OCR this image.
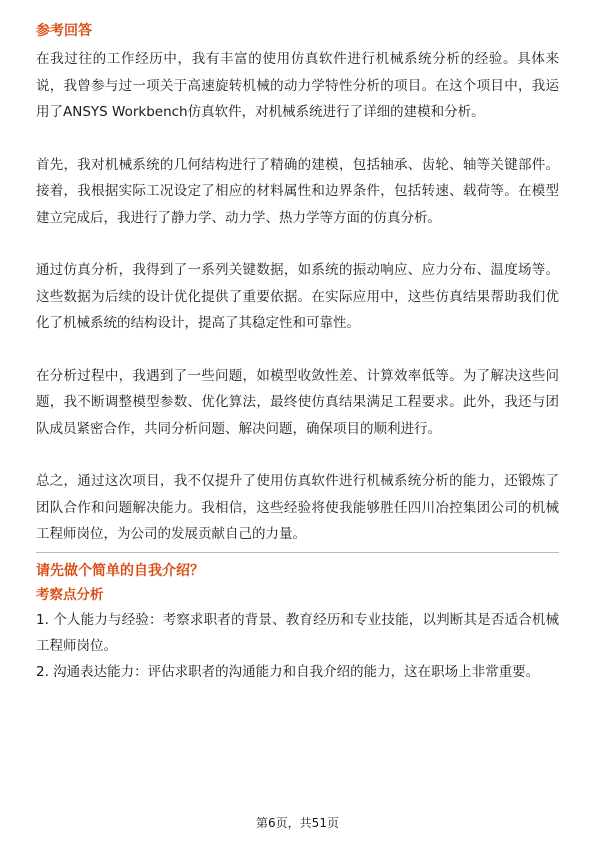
参考回答

在我过往的工作经历中，我有丰富的使用仿真软件进行机械系统分析的经验。具体来说，我曾参与过一项关于高速旋转机械的动力学特性分析的项目。在这个项目中，我运用了ANSYS Workbench仿真软件，对机械系统进行了详细的建模和分析。

首先，我对机械系统的几何结构进行了精确的建模，包括轴承、齿轮、轴等关键部件。接着，我根据实际工况设定了相应的材料属性和边界条件，包括转速、载荷等。在模型建立完成后，我进行了静力学、动力学、热力学等方面的仿真分析。

通过仿真分析，我得到了一系列关键数据，如系统的振动响应、应力分布、温度场等。这些数据为后续的设计优化提供了重要依据。在实际应用中，这些仿真结果帮助我们优化了机械系统的结构设计，提高了其稳定性和可靠性。

在分析过程中，我遇到了一些问题，如模型收敛性差、计算效率低等。为了解决这些问题，我不断调整模型参数、优化算法，最终使仿真结果满足工程要求。此外，我还与团队成员紧密合作，共同分析问题、解决问题，确保项目的顺利进行。

总之，通过这次项目，我不仅提升了使用仿真软件进行机械系统分析的能力，还锻炼了团队合作和问题解决能力。我相信，这些经验将使我能够胜任四川冶控集团公司的机械工程师岗位，为公司的发展贡献自己的力量。

请先做个简单的自我介绍？
考察点分析

1. 个人能力与经验：考察求职者的背景、教育经历和专业技能，以判断其是否适合机械工程师岗位。

2. 沟通表达能力：评估求职者的沟通能力和自我介绍的能力，这在职场上非常重要。

第6页，共51页
